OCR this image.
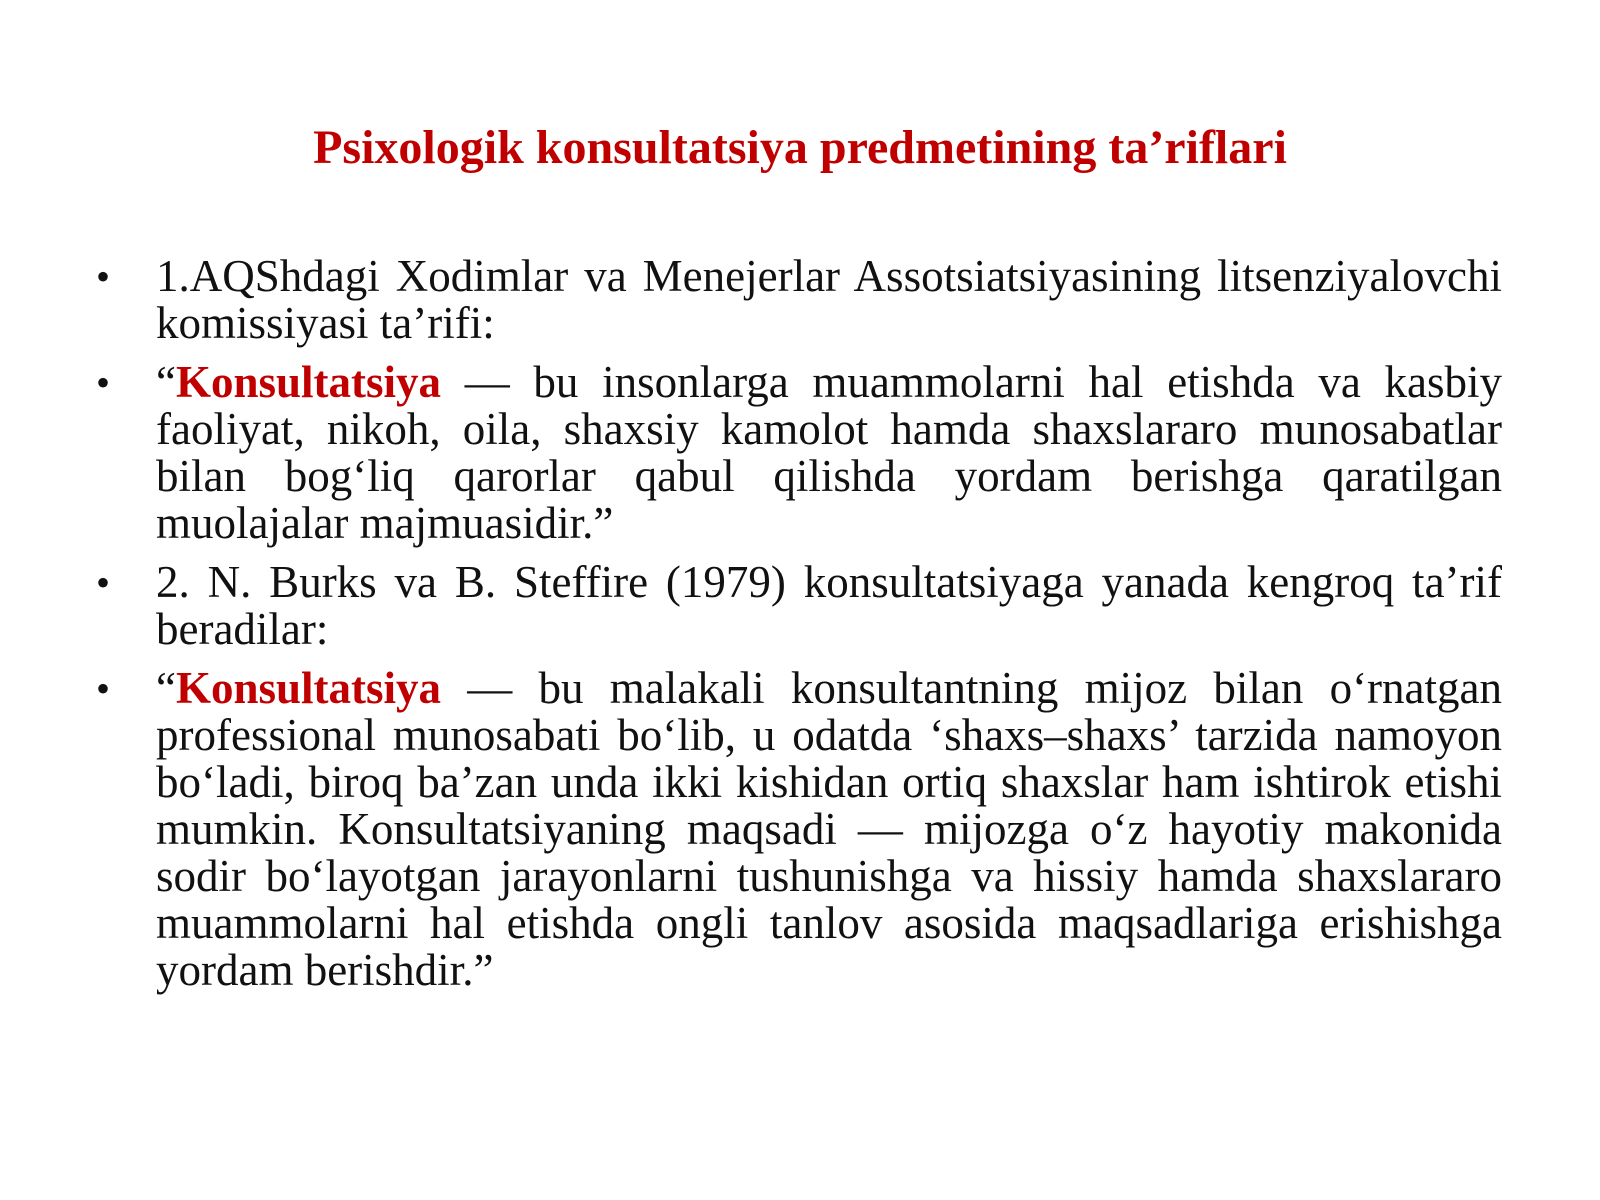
Psixologik konsultatsiya predmetining ta’riflari
•	1.AQShdagi Xodimlar va Menejerlar Assotsiatsiyasining litsenziyalovchi komissiyasi ta’rifi:
•	“Konsultatsiya — bu insonlarga muammolarni hal etishda va kasbiy faoliyat, nikoh, oila, shaxsiy kamolot hamda shaxslararo munosabatlar bilan bog‘liq qarorlar qabul qilishda yordam berishga qaratilgan muolajalar majmuasidir.”
•	2. N. Burks va B. Steffire (1979) konsultatsiyaga yanada kengroq ta’rif beradilar:
•	“Konsultatsiya — bu malakali konsultantning mijoz bilan o‘rnatgan professional munosabati bo‘lib, u odatda ‘shaxs–shaxs’ tarzida namoyon bo‘ladi, biroq ba’zan unda ikki kishidan ortiq shaxslar ham ishtirok etishi mumkin. Konsultatsiyaning maqsadi — mijozga o‘z hayotiy makonida sodir bo‘layotgan jarayonlarni tushunishga va hissiy hamda shaxslararo muammolarni hal etishda ongli tanlov asosida maqsadlariga erishishga yordam berishdir.”
